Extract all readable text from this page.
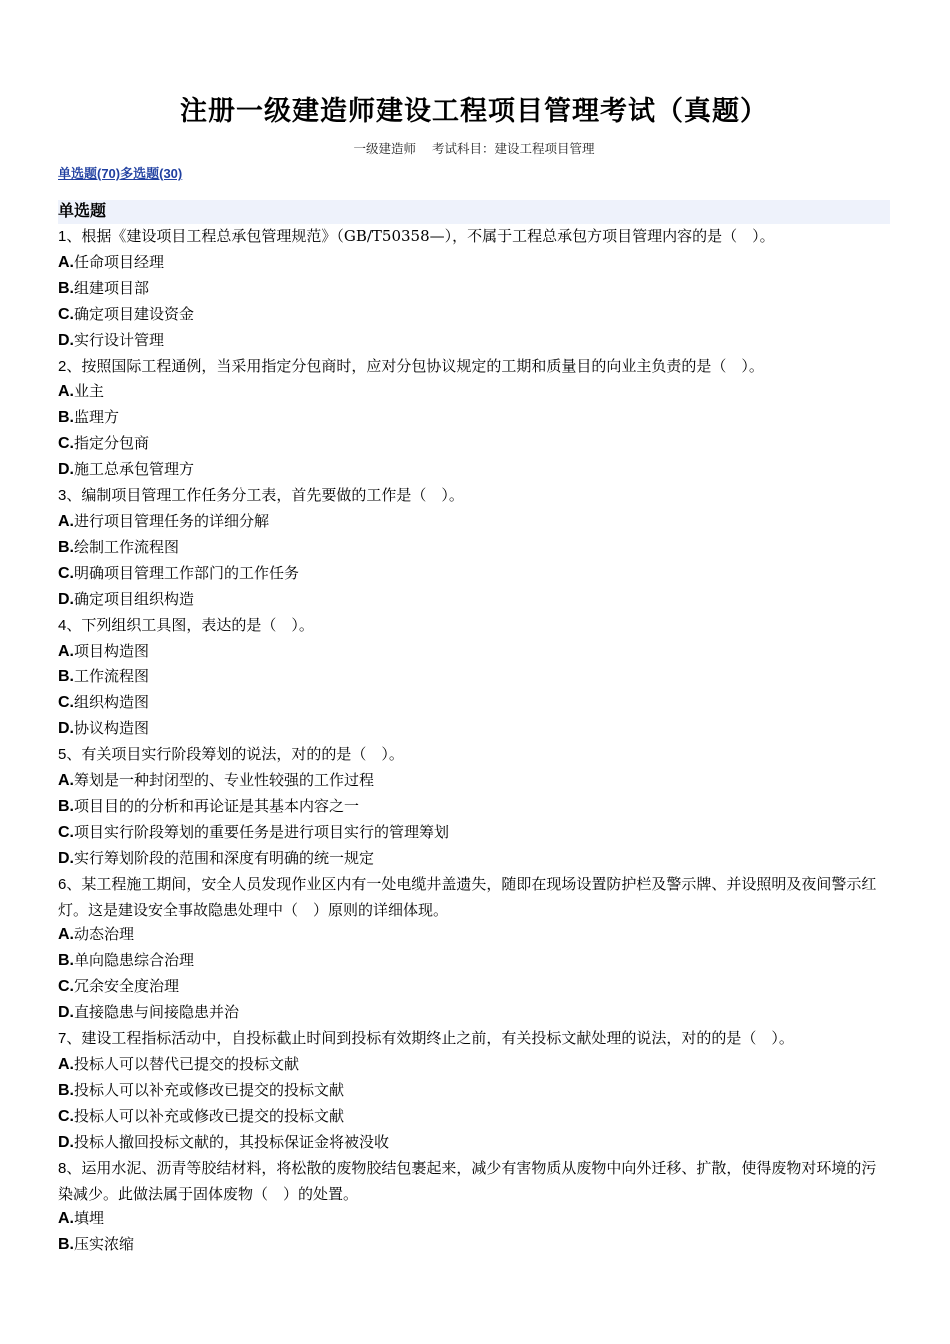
注册一级建造师建设工程项目管理考试（真题）
一级建造师 考试科目：建设工程项目管理
单选题(70)多选题(30)
单选题
1、根据《建设项目工程总承包管理规范》（GB/T50358—），不属于工程总承包方项目管理内容的是（　）。
A.任命项目经理
B.组建项目部
C.确定项目建设资金
D.实行设计管理
2、按照国际工程通例，当采用指定分包商时，应对分包协议规定的工期和质量目的向业主负责的是（　）。
A.业主
B.监理方
C.指定分包商
D.施工总承包管理方
3、编制项目管理工作任务分工表，首先要做的工作是（　）。
A.进行项目管理任务的详细分解
B.绘制工作流程图
C.明确项目管理工作部门的工作任务
D.确定项目组织构造
4、下列组织工具图，表达的是（　）。
A.项目构造图
B.工作流程图
C.组织构造图
D.协议构造图
5、有关项目实行阶段筹划的说法，对的的是（　）。
A.筹划是一种封闭型的、专业性较强的工作过程
B.项目目的的分析和再论证是其基本内容之一
C.项目实行阶段筹划的重要任务是进行项目实行的管理筹划
D.实行筹划阶段的范围和深度有明确的统一规定
6、某工程施工期间，安全人员发现作业区内有一处电缆井盖遗失，随即在现场设置防护栏及警示牌、并设照明及夜间警示红灯。这是建设安全事故隐患处理中（　）原则的详细体现。
A.动态治理
B.单向隐患综合治理
C.冗余安全度治理
D.直接隐患与间接隐患并治
7、建设工程指标活动中，自投标截止时间到投标有效期终止之前，有关投标文献处理的说法，对的的是（　）。
A.投标人可以替代已提交的投标文献
B.投标人可以补充或修改已提交的投标文献
C.投标人可以补充或修改已提交的投标文献
D.投标人撤回投标文献的，其投标保证金将被没收
8、运用水泥、沥青等胶结材料，将松散的废物胶结包裹起来，减少有害物质从废物中向外迁移、扩散，使得废物对环境的污染减少。此做法属于固体废物（　）的处置。
A.填埋
B.压实浓缩
